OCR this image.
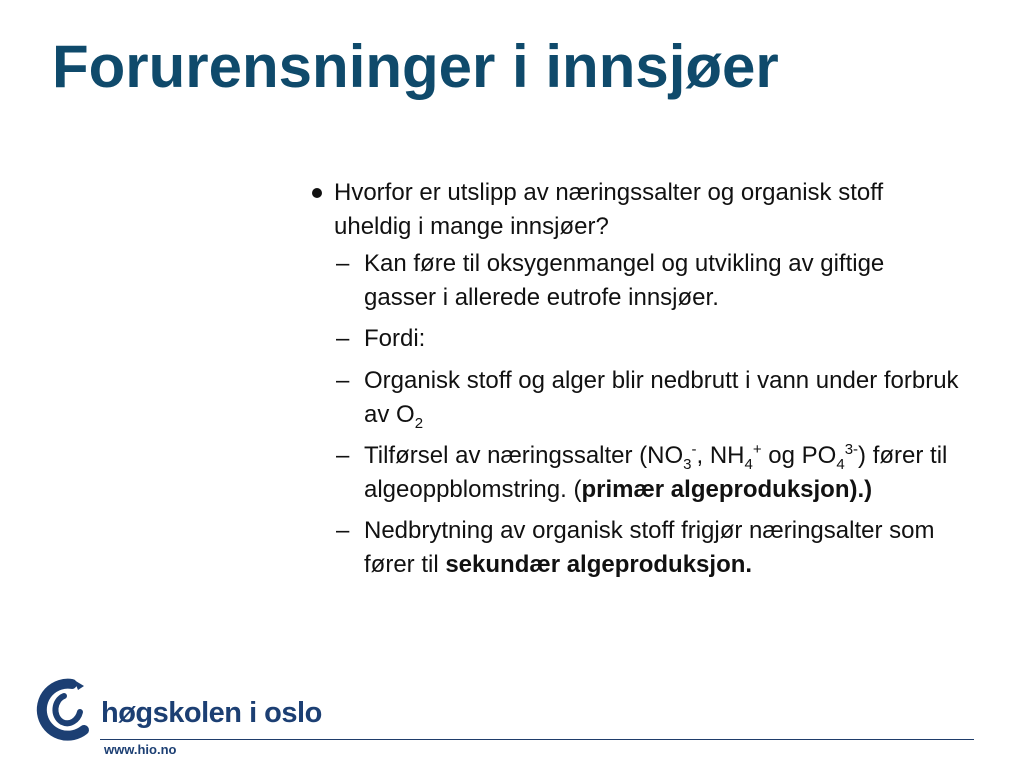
Forurensninger i innsjøer
Hvorfor er utslipp av næringssalter og organisk stoff uheldig i mange innsjøer?
– Kan føre til oksygenmangel og utvikling av giftige gasser i allerede eutrofe innsjøer.
– Fordi:
– Organisk stoff og alger blir nedbrutt i vann under forbruk av $O_2$
– Tilførsel av næringssalter ($NO_3^-$, $NH_4^+$ og $PO_4^{3-}$) fører til algeoppblomstring. (primær algeproduksjon).)
– Nedbrytning av organisk stoff frigjør næringsalter som fører til sekundær algeproduksjon.
høgskolen i oslo
www.hio.no
